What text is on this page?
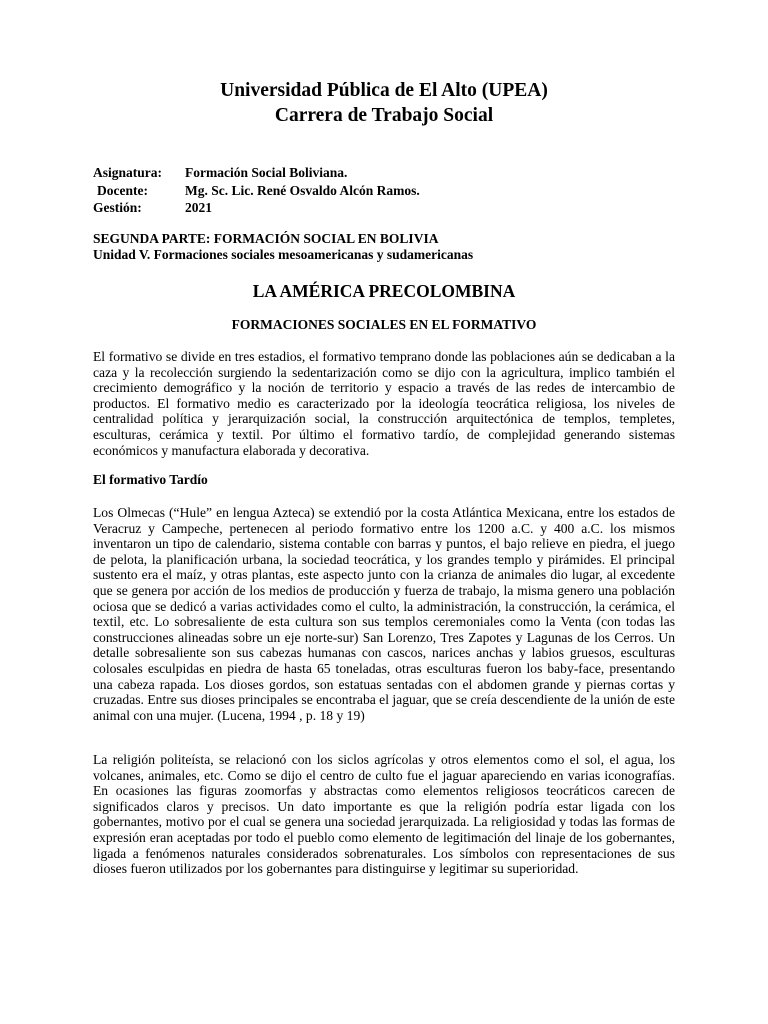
Universidad Pública de El Alto (UPEA)
Carrera de Trabajo Social
Asignatura:	Formación Social Boliviana.
Docente:	Mg. Sc. Lic. René Osvaldo Alcón Ramos.
Gestión:	2021
SEGUNDA PARTE: FORMACIÓN SOCIAL EN BOLIVIA
Unidad V. Formaciones sociales mesoamericanas y sudamericanas
LA AMÉRICA PRECOLOMBINA
FORMACIONES SOCIALES EN EL FORMATIVO

El formativo se divide en tres estadios, el formativo temprano donde las poblaciones aún se dedicaban a la caza y la recolección surgiendo la sedentarización como se dijo con la agricultura, implico también el crecimiento demográfico y la noción de territorio y espacio a través de las redes de intercambio de productos. El formativo medio es caracterizado por la ideología teocrática religiosa, los niveles de centralidad política y jerarquización social, la construcción arquitectónica de templos, templetes, esculturas, cerámica y textil. Por último el formativo tardío, de complejidad generando sistemas económicos y manufactura elaborada y decorativa.

El formativo Tardío

Los Olmecas (“Hule” en lengua Azteca) se extendió por la costa Atlántica Mexicana, entre los estados de Veracruz y Campeche, pertenecen al periodo formativo entre los 1200 a.C. y 400 a.C. los mismos inventaron un tipo de calendario, sistema contable con barras y puntos, el bajo relieve en piedra, el juego de pelota, la planificación urbana, la sociedad teocrática, y los grandes templo y pirámides. El principal sustento era el maíz, y otras plantas, este aspecto junto con la crianza de animales dio lugar, al excedente que se genera por acción de los medios de producción y fuerza de trabajo, la misma genero una población ociosa que se dedicó a varias actividades como el culto, la administración, la construcción, la cerámica, el textil, etc. Lo sobresaliente de esta cultura son sus templos ceremoniales como la Venta (con todas las construcciones alineadas sobre un eje norte-sur) San Lorenzo, Tres Zapotes y Lagunas de los Cerros. Un detalle sobresaliente son sus cabezas humanas con cascos, narices anchas y labios gruesos, esculturas colosales esculpidas en piedra de hasta 65 toneladas, otras esculturas fueron los baby-face, presentando una cabeza rapada. Los dioses gordos, son estatuas sentadas con el abdomen grande y piernas cortas y cruzadas. Entre sus dioses principales se encontraba el jaguar, que se creía descendiente de la unión de este animal con una mujer. (Lucena, 1994 , p. 18 y 19)

La religión politeísta, se relacionó con los siclos agrícolas y otros elementos como el sol, el agua, los volcanes, animales, etc. Como se dijo el centro de culto fue el jaguar apareciendo en varias iconografías. En ocasiones las figuras zoomorfas y abstractas como elementos religiosos teocráticos carecen de significados claros y precisos. Un dato importante es que la religión podría estar ligada con los gobernantes, motivo por el cual se genera una sociedad jerarquizada. La religiosidad y todas las formas de expresión eran aceptadas por todo el pueblo como elemento de legitimación del linaje de los gobernantes, ligada a fenómenos naturales considerados sobrenaturales. Los símbolos con representaciones de sus dioses fueron utilizados por los gobernantes para distinguirse y legitimar su superioridad.
